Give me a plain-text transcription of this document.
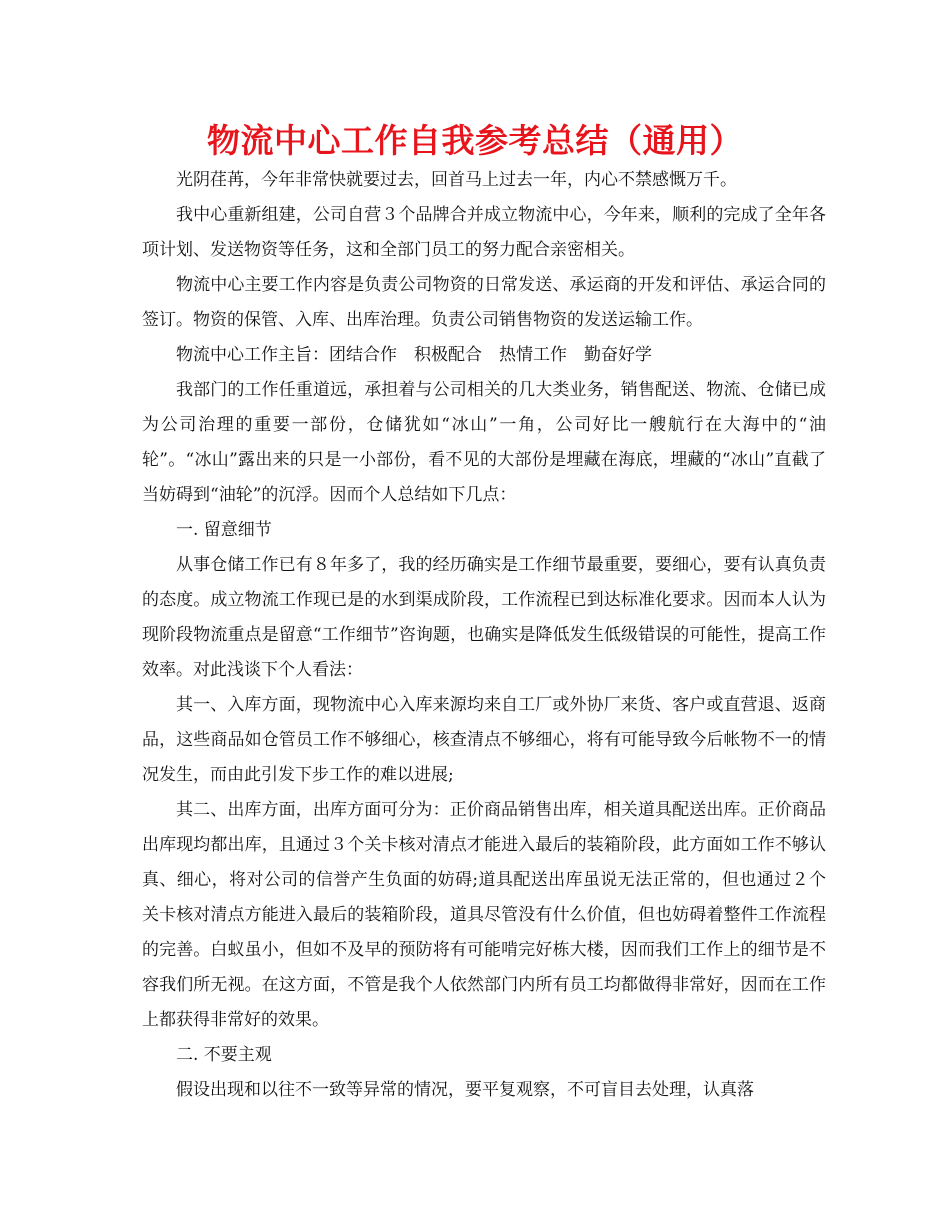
物流中心工作自我参考总结（通用）

光阴荏苒，今年非常快就要过去，回首马上过去一年，内心不禁感慨万千。

我中心重新组建，公司自营３个品牌合并成立物流中心，今年来，顺利的完成了全年各项计划、发送物资等任务，这和全部门员工的努力配合亲密相关。

物流中心主要工作内容是负责公司物资的日常发送、承运商的开发和评估、承运合同的签订。物资的保管、入库、出库治理。负责公司销售物资的发送运输工作。

物流中心工作主旨：团结合作　积极配合　热情工作　勤奋好学

我部门的工作任重道远，承担着与公司相关的几大类业务，销售配送、物流、仓储已成为公司治理的重要一部份，仓储犹如“冰山”一角，公司好比一艘航行在大海中的“油轮”。“冰山”露出来的只是一小部份，看不见的大部份是埋藏在海底，埋藏的“冰山”直截了当妨碍到“油轮”的沉浮。因而个人总结如下几点：

一. 留意细节

从事仓储工作已有８年多了，我的经历确实是工作细节最重要，要细心，要有认真负责的态度。成立物流工作现已是的水到渠成阶段，工作流程已到达标准化要求。因而本人认为现阶段物流重点是留意“工作细节”咨询题，也确实是降低发生低级错误的可能性，提高工作效率。对此浅谈下个人看法：

其一、入库方面，现物流中心入库来源均来自工厂或外协厂来货、客户或直营退、返商品，这些商品如仓管员工作不够细心，核查清点不够细心，将有可能导致今后帐物不一的情况发生，而由此引发下步工作的难以进展;

其二、出库方面，出库方面可分为：正价商品销售出库，相关道具配送出库。正价商品出库现均都出库，且通过３个关卡核对清点才能进入最后的装箱阶段，此方面如工作不够认真、细心，将对公司的信誉产生负面的妨碍;道具配送出库虽说无法正常的，但也通过２个关卡核对清点方能进入最后的装箱阶段，道具尽管没有什么价值，但也妨碍着整件工作流程的完善。白蚁虽小，但如不及早的预防将有可能啃完好栋大楼，因而我们工作上的细节是不容我们所无视。在这方面，不管是我个人依然部门内所有员工均都做得非常好，因而在工作上都获得非常好的效果。

二. 不要主观

假设出现和以往不一致等异常的情况，要平复观察，不可盲目去处理，认真落
